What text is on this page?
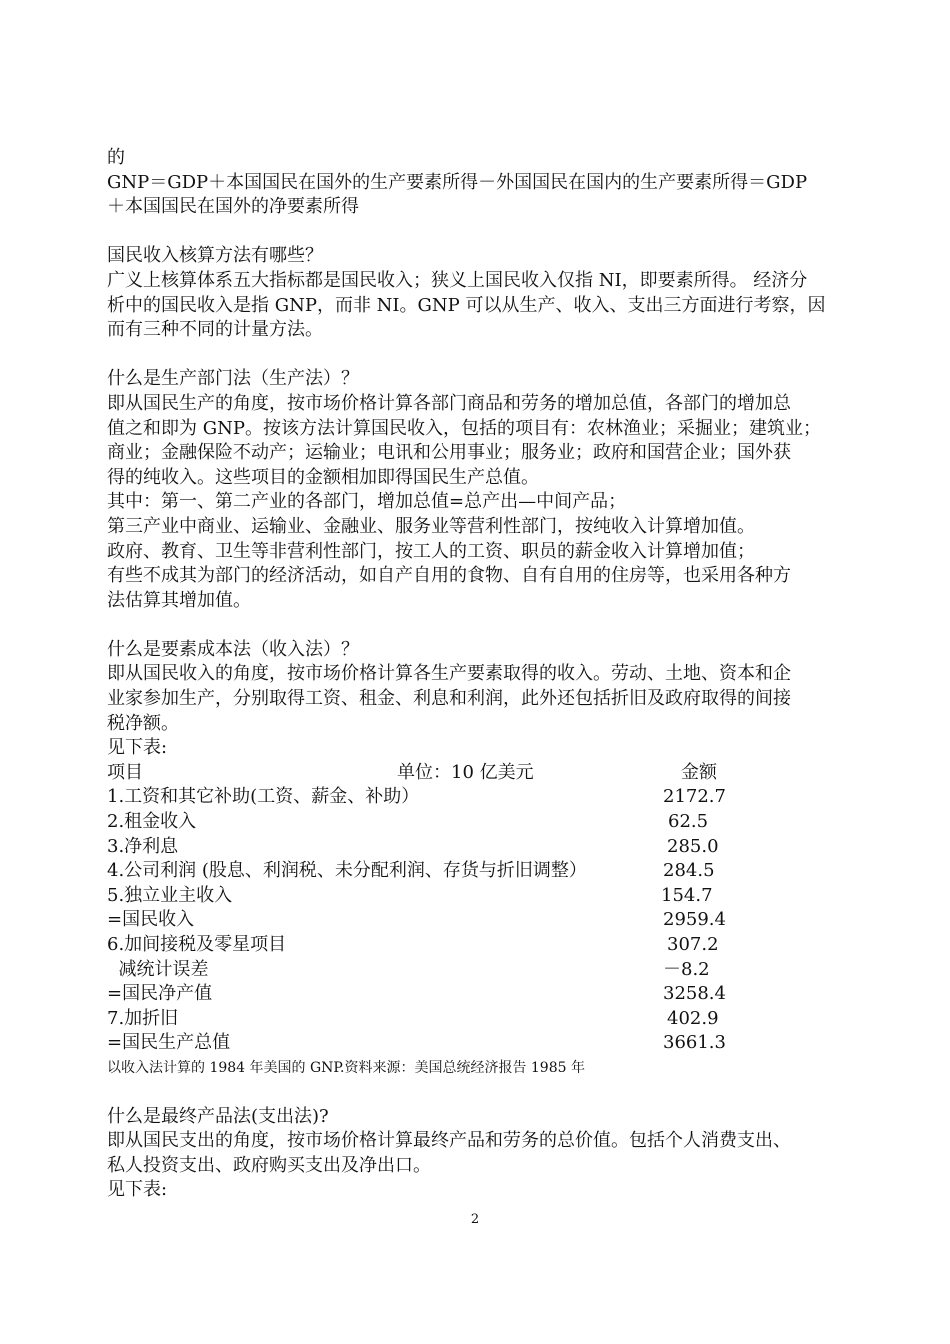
的
GNP＝GDP＋本国国民在国外的生产要素所得－外国国民在国内的生产要素所得＝GDP
＋本国国民在国外的净要素所得
国民收入核算方法有哪些？
广义上核算体系五大指标都是国民收入；狭义上国民收入仅指 NI，即要素所得。 经济分
析中的国民收入是指 GNP，而非 NI。GNP 可以从生产、收入、支出三方面进行考察，因
而有三种不同的计量方法。
什么是生产部门法（生产法）？
即从国民生产的角度，按市场价格计算各部门商品和劳务的增加总值，各部门的增加总
值之和即为 GNP。按该方法计算国民收入，包括的项目有：农林渔业；采掘业；建筑业；
商业；金融保险不动产；运输业；电讯和公用事业；服务业；政府和国营企业；国外获
得的纯收入。这些项目的金额相加即得国民生产总值。
其中：第一、第二产业的各部门，增加总值=总产出—中间产品；
第三产业中商业、运输业、金融业、服务业等营利性部门，按纯收入计算增加值。
政府、教育、卫生等非营利性部门，按工人的工资、职员的薪金收入计算增加值；
有些不成其为部门的经济活动，如自产自用的食物、自有自用的住房等，也采用各种方
法估算其增加值。
什么是要素成本法（收入法）？
即从国民收入的角度，按市场价格计算各生产要素取得的收入。劳动、土地、资本和企
业家参加生产，分别取得工资、租金、利息和利润，此外还包括折旧及政府取得的间接
税净额。
见下表:
项目	单位：10 亿美元	金额
1.工资和其它补助(工资、薪金、补助）	2172.7
2.租金收入	62.5
3.净利息	285.0
4.公司利润 (股息、利润税、未分配利润、存货与折旧调整）	284.5
5.独立业主收入	154.7
=国民收入	2959.4
6.加间接税及零星项目	307.2
减统计误差	－8.2
=国民净产值	3258.4
7.加折旧	402.9
=国民生产总值	3661.3
以收入法计算的 1984 年美国的 GNP.资料来源：美国总统经济报告 1985 年
什么是最终产品法(支出法)?
即从国民支出的角度，按市场价格计算最终产品和劳务的总价值。包括个人消费支出、
私人投资支出、政府购买支出及净出口。
见下表:
2
